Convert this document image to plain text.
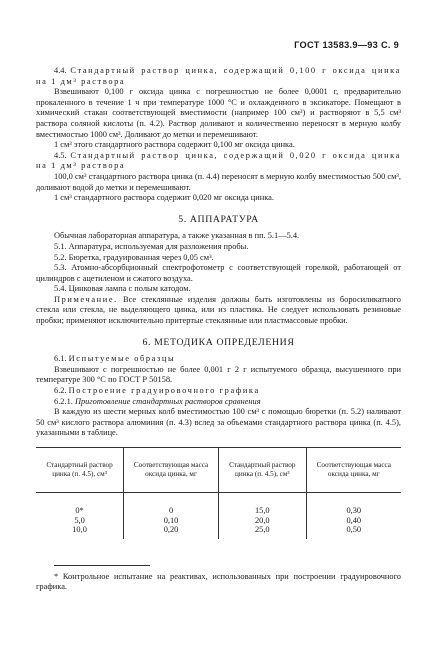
ГОСТ 13583.9—93 С. 9

4.4. Стандартный раствор цинка, содержащий 0,100 г оксида цинка на 1 дм³ раствора

Взвешивают 0,100 г оксида цинка с погрешностью не более 0,0001 г, предварительно прокаленного в течение 1 ч при температуре 1000 °С и охлажденного в эксикаторе. Помещают в химический стакан соответствующей вместимости (например 100 см³) и растворяют в 5,5 см³ раствора соляной кислоты (п. 4.2). Раствор доливают и количественно переносят в мерную колбу вместимостью 1000 см³. Доливают до метки и перемешивают.

1 см³ этого стандартного раствора содержит 0,100 мг оксида цинка.

4.5. Стандартный раствор цинка, содержащий 0,020 г оксида цинка на 1 дм³ раствора

100,0 см³ стандартного раствора цинка (п. 4.4) переносят в мерную колбу вместимостью 500 см³, доливают водой до метки и перемешивают.

1 см³ стандартного раствора содержит 0,020 мг оксида цинка.

5. АППАРАТУРА

Обычная лабораторная аппаратура, а также указанная в пп. 5.1—5.4.

5.1. Аппаратура, используемая для разложения пробы.

5.2. Бюретка, градуированная через 0,05 см³.

5.3. Атомно-абсорбционный спектрофотометр с соответствующей горелкой, работающей от цилиндров с ацетиленом и сжатого воздуха.

5.4. Цинковая лампа с полым катодом.

Примечание. Все стеклянные изделия должны быть изготовлены из боросиликатного стекла или стекла, не выделяющего цинка, или из пластика. Не следует использовать резиновые пробки; применяют исключительно притертые стеклянные или пластмассовые пробки.

6. МЕТОДИКА ОПРЕДЕЛЕНИЯ

6.1. Испытуемые образцы

Взвешивают с погрешностью не более 0,001 г 2 г испытуемого образца, высушенного при температуре 300 °С по ГОСТ Р 50158.

6.2. Построение градуировочного графика

6.2.1. Приготовление стандартных растворов сравнения

В каждую из шести мерных колб вместимостью 100 см³ с помощью бюретки (п. 5.2) наливают 50 см³ кислого раствора алюминия (п. 4.3) вслед за объемами стандартного раствора цинка (п. 4.5), указанными в таблице.

Стандартный раствор цинка (п. 4.5), см³	Соответствующая масса оксида цинка, мг	Стандартный раствор цинка (п. 4.5), см³	Соответствующая масса оксида цинка, мг
0*	0	15,0	0,30
5,0	0,10	20,0	0,40
10,0	0,20	25,0	0,50

* Контрольное испытание на реактивах, использованных при построении градуировочного графика.
